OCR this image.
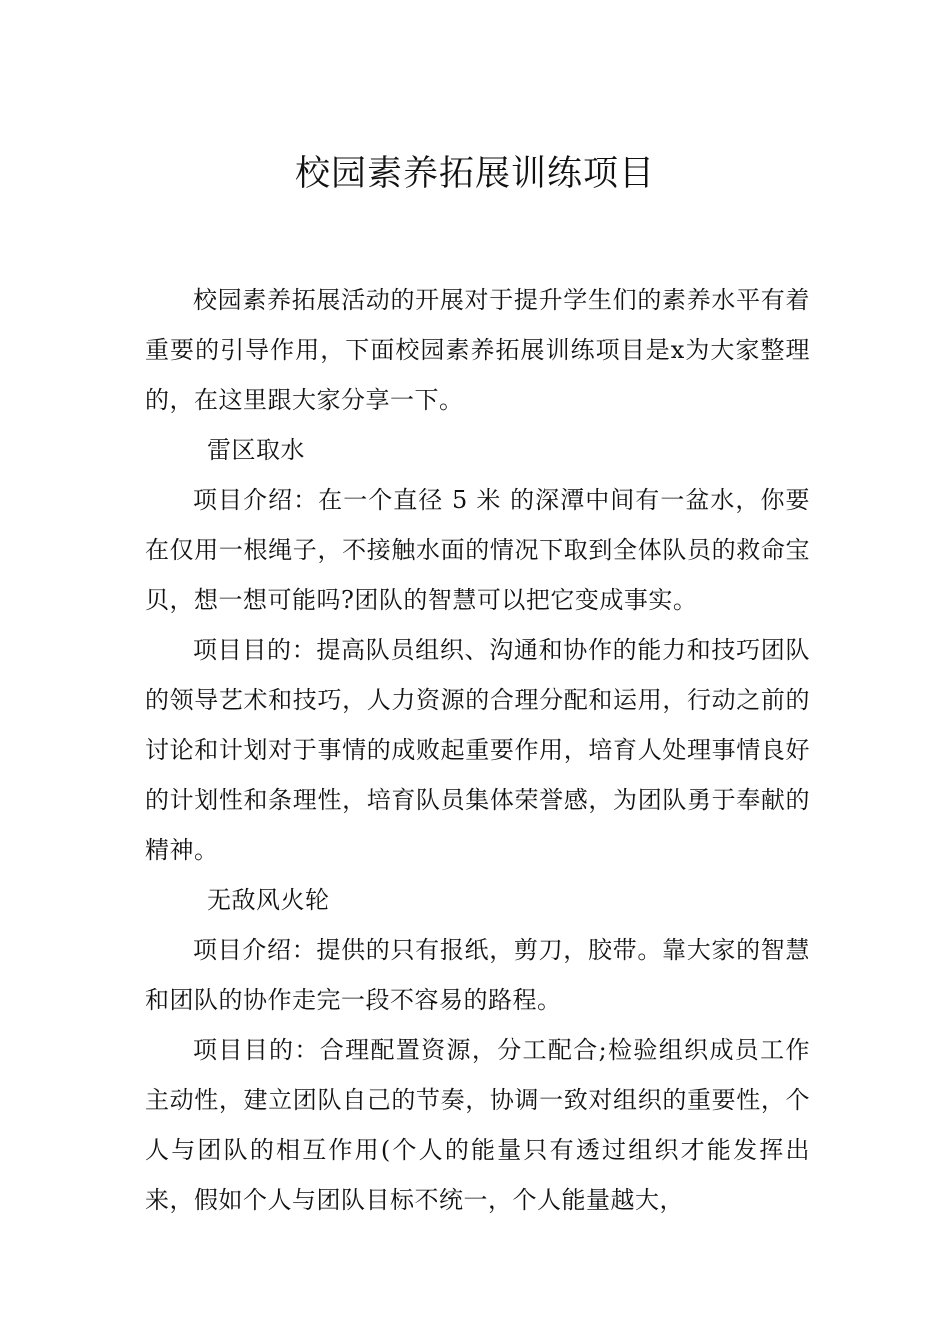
校园素养拓展训练项目

校园素养拓展活动的开展对于提升学生们的素养水平有着重要的引导作用，下面校园素养拓展训练项目是x为大家整理的，在这里跟大家分享一下。

雷区取水

项目介绍：在一个直径 5 米 的深潭中间有一盆水，你要在仅用一根绳子，不接触水面的情况下取到全体队员的救命宝贝，想一想可能吗?团队的智慧可以把它变成事实。

项目目的：提高队员组织、沟通和协作的能力和技巧团队的领导艺术和技巧，人力资源的合理分配和运用，行动之前的讨论和计划对于事情的成败起重要作用，培育人处理事情良好的计划性和条理性，培育队员集体荣誉感，为团队勇于奉献的精神。

无敌风火轮

项目介绍：提供的只有报纸，剪刀，胶带。靠大家的智慧和团队的协作走完一段不容易的路程。

项目目的：合理配置资源，分工配合;检验组织成员工作主动性，建立团队自己的节奏，协调一致对组织的重要性，个人与团队的相互作用(个人的能量只有透过组织才能发挥出来，假如个人与团队目标不统一，个人能量越大，
